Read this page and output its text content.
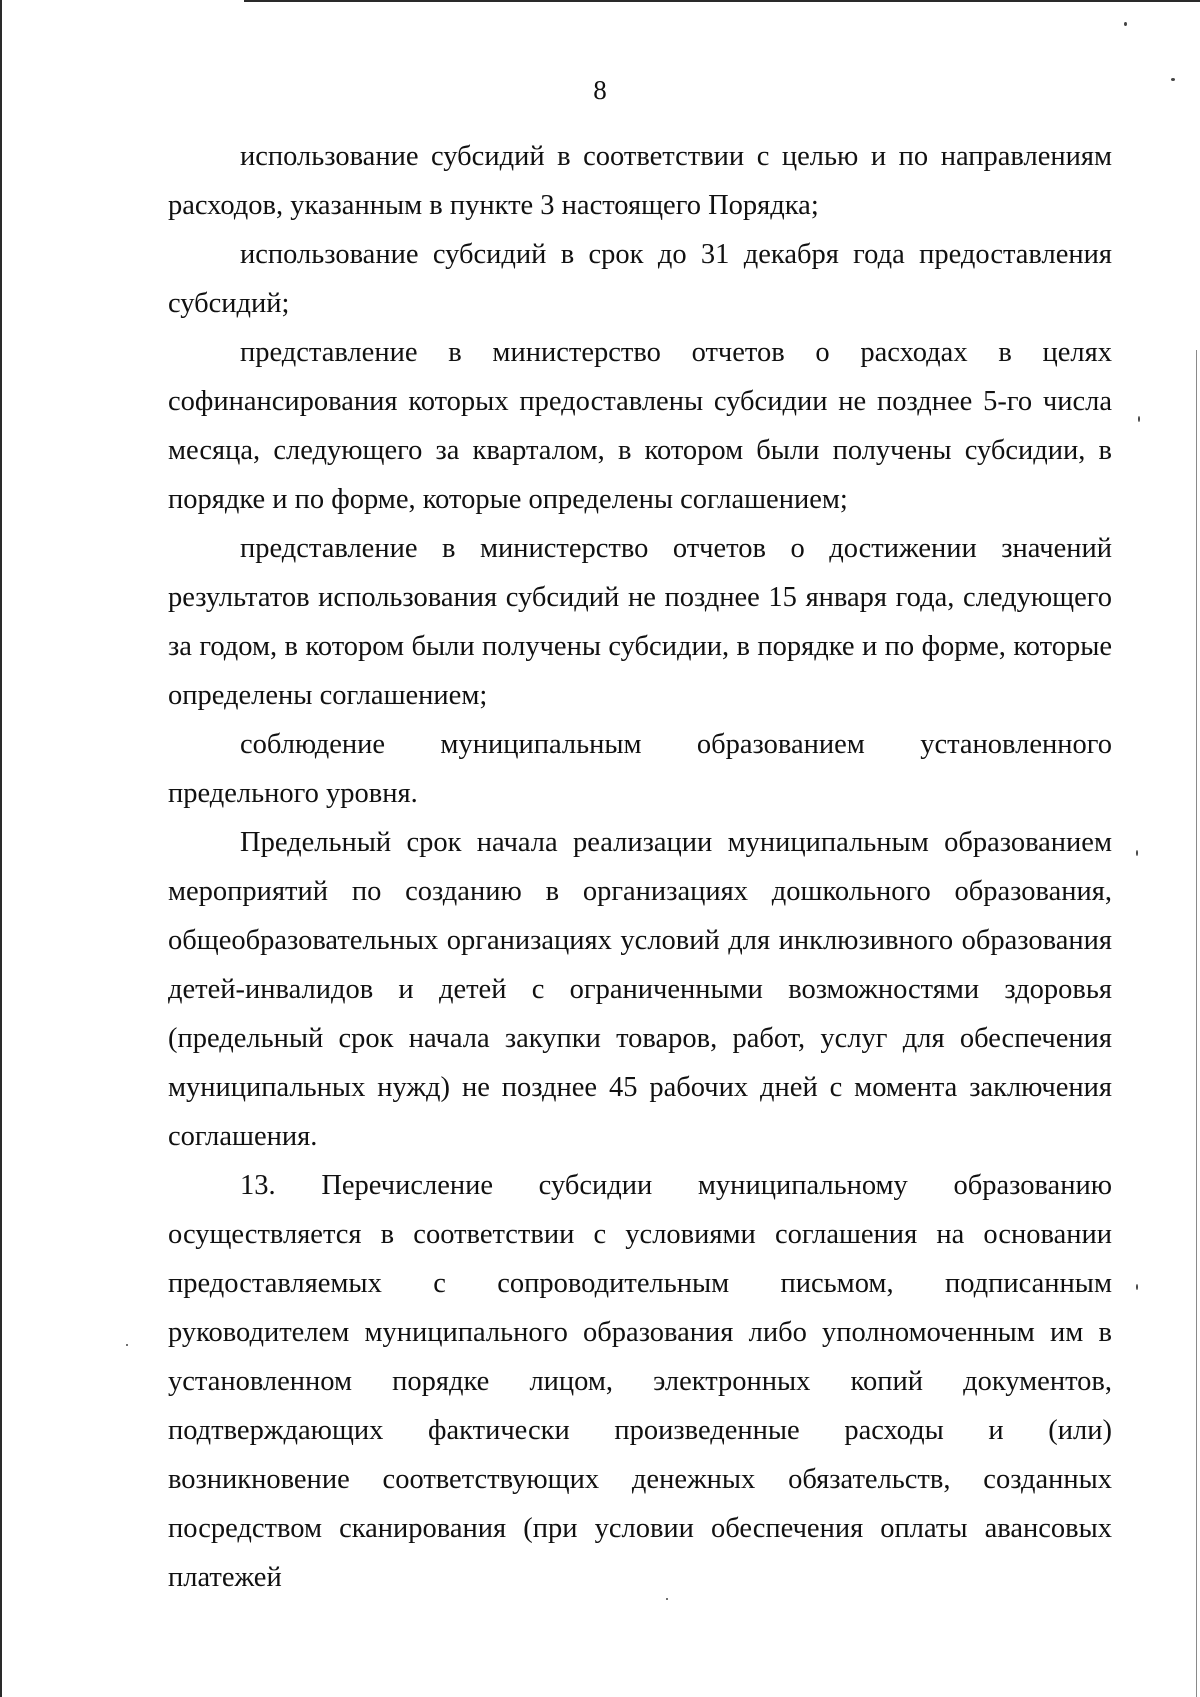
8

использование субсидий в соответствии с целью и по направлениям расходов, указанным в пункте 3 настоящего Порядка;

использование субсидий в срок до 31 декабря года предоставления субсидий;

представление в министерство отчетов о расходах в целях софинансирования которых предоставлены субсидии не позднее 5-го числа месяца, следующего за кварталом, в котором были получены субсидии, в порядке и по форме, которые определены соглашением;

представление в министерство отчетов о достижении значений результатов использования субсидий не позднее 15 января года, следующего за годом, в котором были получены субсидии, в порядке и по форме, которые определены соглашением;

соблюдение муниципальным образованием установленного предельного уровня.

Предельный срок начала реализации муниципальным образованием мероприятий по созданию в организациях дошкольного образования, общеобразовательных организациях условий для инклюзивного образования детей-инвалидов и детей с ограниченными возможностями здоровья (предельный срок начала закупки товаров, работ, услуг для обеспечения муниципальных нужд) не позднее 45 рабочих дней с момента заключения соглашения.

13. Перечисление субсидии муниципальному образованию осуществляется в соответствии с условиями соглашения на основании предоставляемых с сопроводительным письмом, подписанным руководителем муниципального образования либо уполномоченным им в установленном порядке лицом, электронных копий документов, подтверждающих фактически произведенные расходы и (или) возникновение соответствующих денежных обязательств, созданных посредством сканирования (при условии обеспечения оплаты авансовых платежей
